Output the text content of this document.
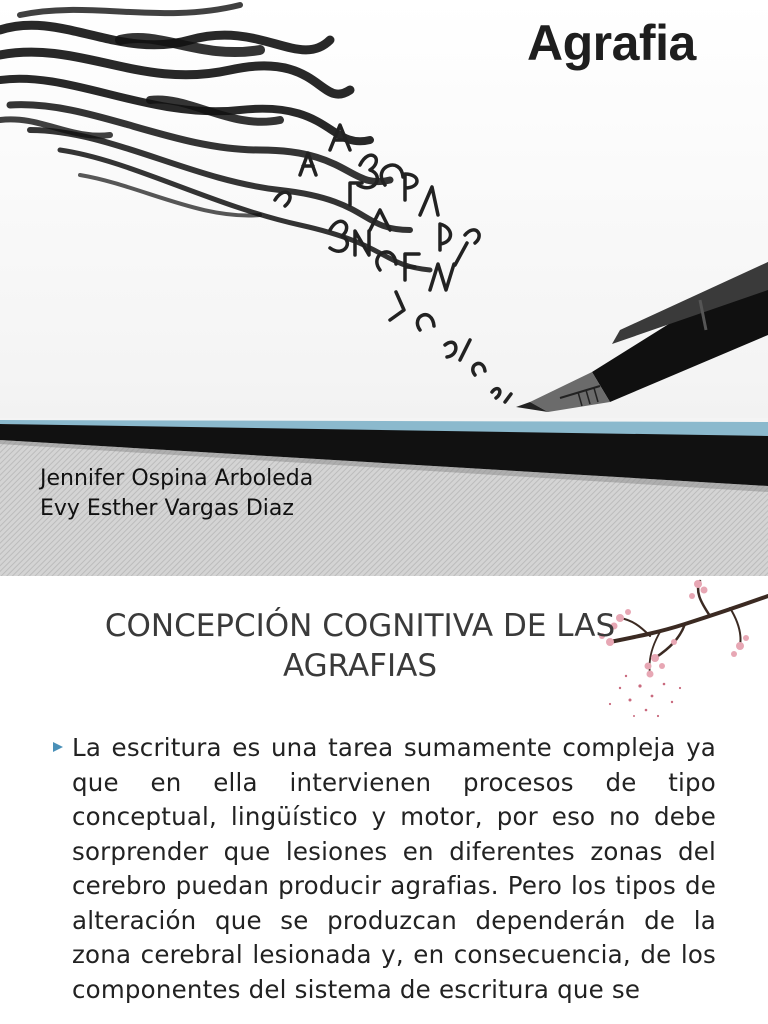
Agrafia
Jennifer Ospina Arboleda
Evy Esther Vargas Diaz
CONCEPCIÓN COGNITIVA DE LAS
AGRAFIAS
La escritura es una tarea sumamente compleja ya que en ella intervienen procesos de tipo conceptual, lingüístico y motor, por eso no debe sorprender que lesiones en diferentes zonas del cerebro puedan producir agrafias. Pero los tipos de alteración que se produzcan dependerán de la zona cerebral lesionada y, en consecuencia, de los componentes del sistema de escritura que se
